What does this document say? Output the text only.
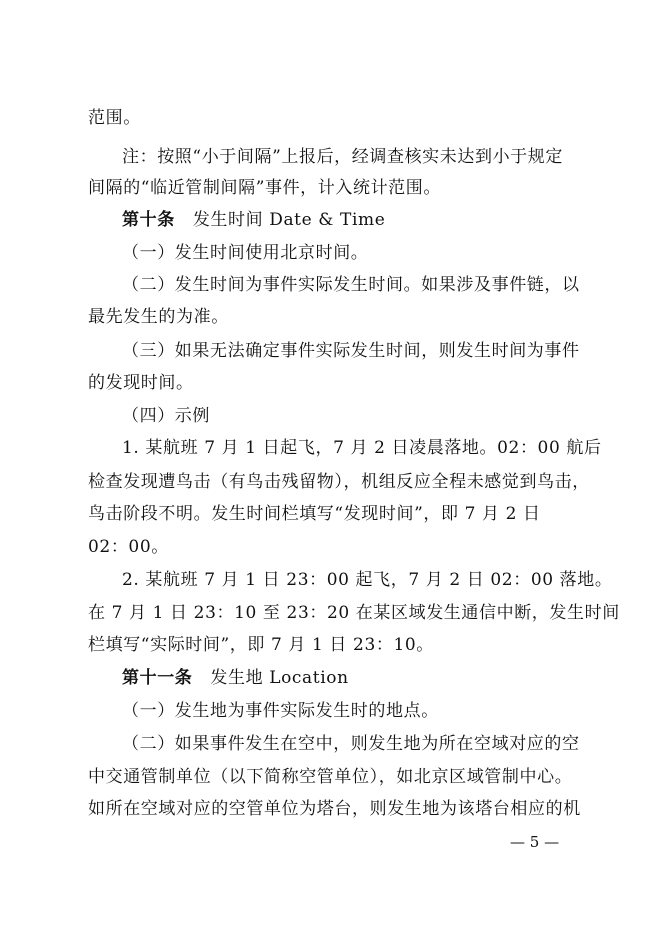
范围。
注：按照“小于间隔”上报后，经调查核实未达到小于规定
间隔的“临近管制间隔”事件，计入统计范围。
第十条 发生时间 Date & Time
（一）发生时间使用北京时间。
（二）发生时间为事件实际发生时间。如果涉及事件链，以
最先发生的为准。
（三）如果无法确定事件实际发生时间，则发生时间为事件
的发现时间。
（四）示例
1. 某航班 7 月 1 日起飞，7 月 2 日凌晨落地。02：00 航后
检查发现遭鸟击（有鸟击残留物），机组反应全程未感觉到鸟击，
鸟击阶段不明。发生时间栏填写“发现时间”，即 7 月 2 日
02：00。
2. 某航班 7 月 1 日 23：00 起飞，7 月 2 日 02：00 落地。
在 7 月 1 日 23：10 至 23：20 在某区域发生通信中断，发生时间
栏填写“实际时间”，即 7 月 1 日 23：10。
第十一条 发生地 Location
（一）发生地为事件实际发生时的地点。
（二）如果事件发生在空中，则发生地为所在空域对应的空
中交通管制单位（以下简称空管单位），如北京区域管制中心。
如所在空域对应的空管单位为塔台，则发生地为该塔台相应的机
— 5 —
